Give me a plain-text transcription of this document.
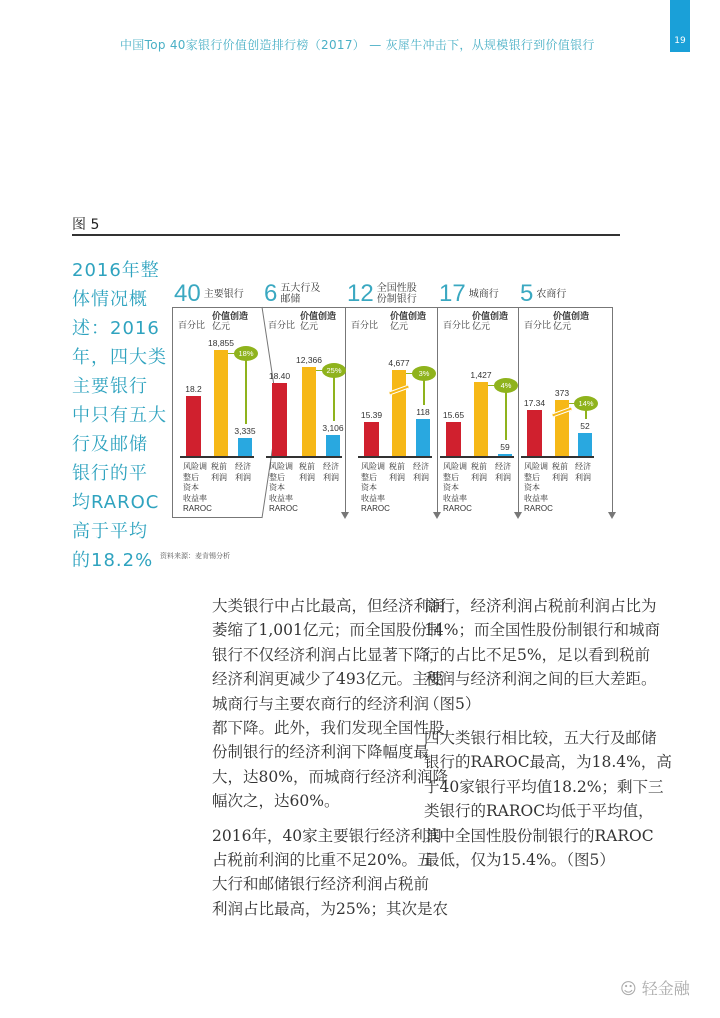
中国Top 40家银行价值创造排行榜（2017） — 灰犀牛冲击下，从规模银行到价值银行	19
图 5
2016年整
体情况概
述：2016
年，四大类
主要银行
中只有五大
行及邮储
银行的平
均RAROC
高于平均
的18.2%
40 主要银行
百分比
价值创造
亿元
18.2
风险调
整后
资本
收益率
RAROC
18,855
税前
利润
3,335
经济
利润
18%
6 五大行及邮储
百分比
价值创造
亿元
18.40
风险调
整后
资本
收益率
RAROC
12,366
税前
利润
3,106
经济
利润
25%
12 全国性股份制银行
百分比
价值创造
亿元
15.39
风险调
整后
资本
收益率
RAROC
4,677
税前
利润
118
经济
利润
3%
17 城商行
百分比
价值创造
亿元
15.65
风险调
整后
资本
收益率
RAROC
1,427
税前
利润
59
经济
利润
4%
5 农商行
百分比
价值创造
亿元
17.34
风险调
整后
资本
收益率
RAROC
373
税前
利润
52
经济
利润
14%
资料来源：麦肯锡分析

大类银行中占比最高，但经济利润
萎缩了1,001亿元；而全国股份制
银行不仅经济利润占比显著下降，
经济利润更减少了493亿元。主要
城商行与主要农商行的经济利润
都下降。此外，我们发现全国性股
份制银行的经济利润下降幅度最
大，达80%，而城商行经济利润降
幅次之，达60%。

2016年，40家主要银行经济利润
占税前利润的比重不足20%。五
大行和邮储银行经济利润占税前
利润占比最高，为25%；其次是农

商行，经济利润占税前利润占比为
14%；而全国性股份制银行和城商
行的占比不足5%，足以看到税前
利润与经济利润之间的巨大差距。
（图5）

四大类银行相比较，五大行及邮储
银行的RAROC最高，为18.4%，高
于40家银行平均值18.2%；剩下三
类银行的RAROC均低于平均值，
其中全国性股份制银行的RAROC
最低，仅为15.4%。（图5）

☺ 轻金融
